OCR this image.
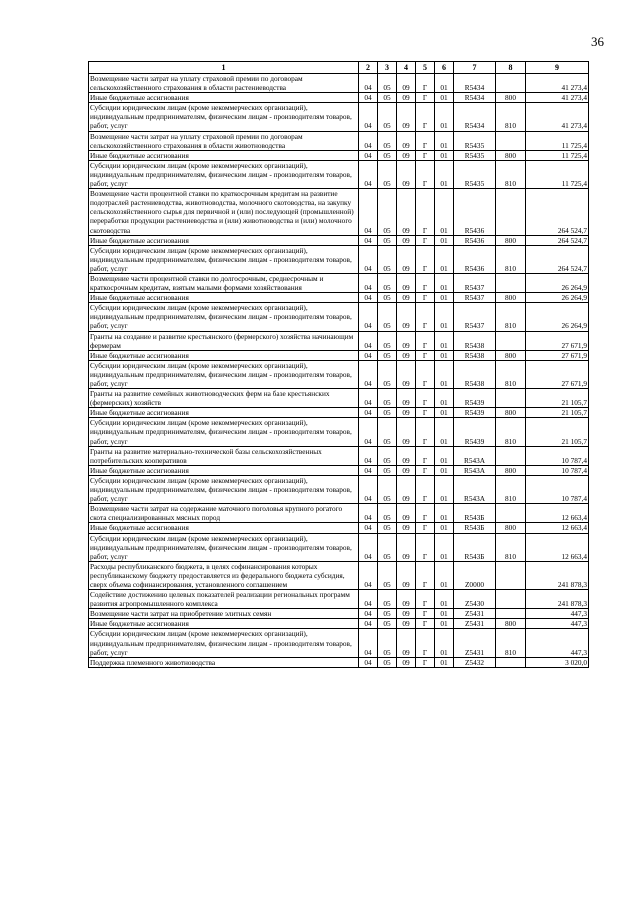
36
1	2	3	4	5	6	7	8	9
Возмещение части затрат на уплату страховой премии по договорам сельскохозяйственного страхования в области растениеводства	04	05	09	Г	01	R5434		41 273,4
Иные бюджетные ассигнования	04	05	09	Г	01	R5434	800	41 273,4
Субсидии юридическим лицам (кроме некоммерческих организаций), индивидуальным предпринимателям, физическим лицам - производителям товаров, работ, услуг	04	05	09	Г	01	R5434	810	41 273,4
Возмещение части затрат на уплату страховой премии по договорам сельскохозяйственного страхования в области животноводства	04	05	09	Г	01	R5435		11 725,4
Иные бюджетные ассигнования	04	05	09	Г	01	R5435	800	11 725,4
Субсидии юридическим лицам (кроме некоммерческих организаций), индивидуальным предпринимателям, физическим лицам - производителям товаров, работ, услуг	04	05	09	Г	01	R5435	810	11 725,4
Возмещение части процентной ставки по краткосрочным кредитам на развитие подотраслей растениеводства, животноводства, молочного скотоводства, на закупку сельскохозяйственного сырья для первичной и (или) последующей (промышленной) переработки продукции растениеводства и (или) животноводства и (или) молочного скотоводства	04	05	09	Г	01	R5436		264 524,7
Иные бюджетные ассигнования	04	05	09	Г	01	R5436	800	264 524,7
Субсидии юридическим лицам (кроме некоммерческих организаций), индивидуальным предпринимателям, физическим лицам - производителям товаров, работ, услуг	04	05	09	Г	01	R5436	810	264 524,7
Возмещение части процентной ставки по долгосрочным, среднесрочным и краткосрочным кредитам, взятым малыми формами хозяйствования	04	05	09	Г	01	R5437		26 264,9
Иные бюджетные ассигнования	04	05	09	Г	01	R5437	800	26 264,9
Субсидии юридическим лицам (кроме некоммерческих организаций), индивидуальным предпринимателям, физическим лицам - производителям товаров, работ, услуг	04	05	09	Г	01	R5437	810	26 264,9
Гранты на создание и развитие крестьянского (фермерского) хозяйства начинающим фермерам	04	05	09	Г	01	R5438		27 671,9
Иные бюджетные ассигнования	04	05	09	Г	01	R5438	800	27 671,9
Субсидии юридическим лицам (кроме некоммерческих организаций), индивидуальным предпринимателям, физическим лицам - производителям товаров, работ, услуг	04	05	09	Г	01	R5438	810	27 671,9
Гранты на развитие семейных животноводческих ферм на базе крестьянских (фермерских) хозяйств	04	05	09	Г	01	R5439		21 105,7
Иные бюджетные ассигнования	04	05	09	Г	01	R5439	800	21 105,7
Субсидии юридическим лицам (кроме некоммерческих организаций), индивидуальным предпринимателям, физическим лицам - производителям товаров, работ, услуг	04	05	09	Г	01	R5439	810	21 105,7
Гранты на развитие материально-технической базы сельскохозяйственных потребительских кооперативов	04	05	09	Г	01	R543А		10 787,4
Иные бюджетные ассигнования	04	05	09	Г	01	R543А	800	10 787,4
Субсидии юридическим лицам (кроме некоммерческих организаций), индивидуальным предпринимателям, физическим лицам - производителям товаров, работ, услуг	04	05	09	Г	01	R543А	810	10 787,4
Возмещение части затрат на содержание маточного поголовья крупного рогатого скота специализированных мясных пород	04	05	09	Г	01	R543Б		12 663,4
Иные бюджетные ассигнования	04	05	09	Г	01	R543Б	800	12 663,4
Субсидии юридическим лицам (кроме некоммерческих организаций), индивидуальным предпринимателям, физическим лицам - производителям товаров, работ, услуг	04	05	09	Г	01	R543Б	810	12 663,4
Расходы республиканского бюджета, в целях софинансирования которых республиканскому бюджету предоставляется из федерального бюджета субсидия, сверх объема софинансирования, установленного соглашением	04	05	09	Г	01	Z0000		241 878,3
Содействие достижению целевых показателей реализации региональных программ развития агропромышленного комплекса	04	05	09	Г	01	Z5430		241 878,3
Возмещение части затрат на приобретение элитных семян	04	05	09	Г	01	Z5431		447,3
Иные бюджетные ассигнования	04	05	09	Г	01	Z5431	800	447,3
Субсидии юридическим лицам (кроме некоммерческих организаций), индивидуальным предпринимателям, физическим лицам - производителям товаров, работ, услуг	04	05	09	Г	01	Z5431	810	447,3
Поддержка племенного животноводства	04	05	09	Г	01	Z5432		3 020,0
